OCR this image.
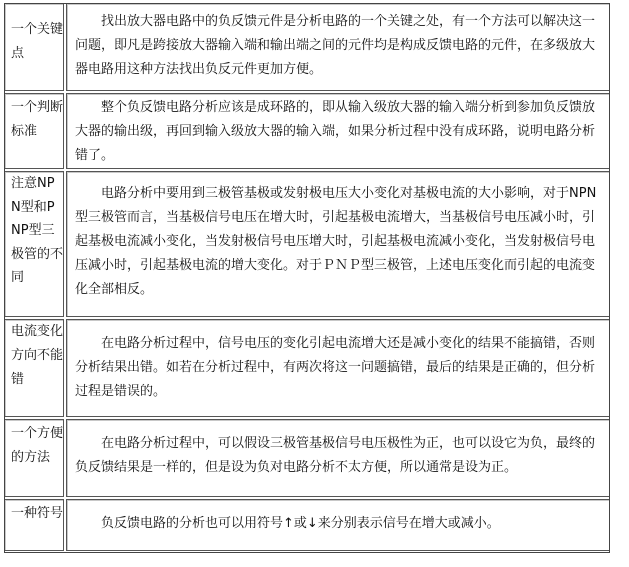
一个关键点
找出放大器电路中的负反馈元件是分析电路的一个关键之处，有一个方法可以解决这一问题，即凡是跨接放大器输入端和输出端之间的元件均是构成反馈电路的元件，在多级放大器电路用这种方法找出负反元件更加方便。
一个判断标准
整个负反馈电路分析应该是成环路的，即从输入级放大器的输入端分析到参加负反馈放大器的输出级，再回到输入级放大器的输入端，如果分析过程中没有成环路，说明电路分析错了。
注意NPN型和PNP型三极管的不同
电路分析中要用到三极管基极或发射极电压大小变化对基极电流的大小影响，对于NPN型三极管而言，当基极信号电压在增大时，引起基极电流增大，当基极信号电压减小时，引起基极电流减小变化，当发射极信号电压增大时，引起基极电流减小变化，当发射极信号电压减小时，引起基极电流的增大变化。对于ＰＮＰ型三极管，上述电压变化而引起的电流变化全部相反。
电流变化方向不能错
在电路分析过程中，信号电压的变化引起电流增大还是减小变化的结果不能搞错，否则分析结果出错。如若在分析过程中，有两次将这一问题搞错，最后的结果是正确的，但分析过程是错误的。
一个方便的方法
在电路分析过程中，可以假设三极管基极信号电压极性为正，也可以设它为负，最终的负反馈结果是一样的，但是设为负对电路分析不太方便，所以通常是设为正。
一种符号
负反馈电路的分析也可以用符号↑或↓来分别表示信号在增大或减小。
